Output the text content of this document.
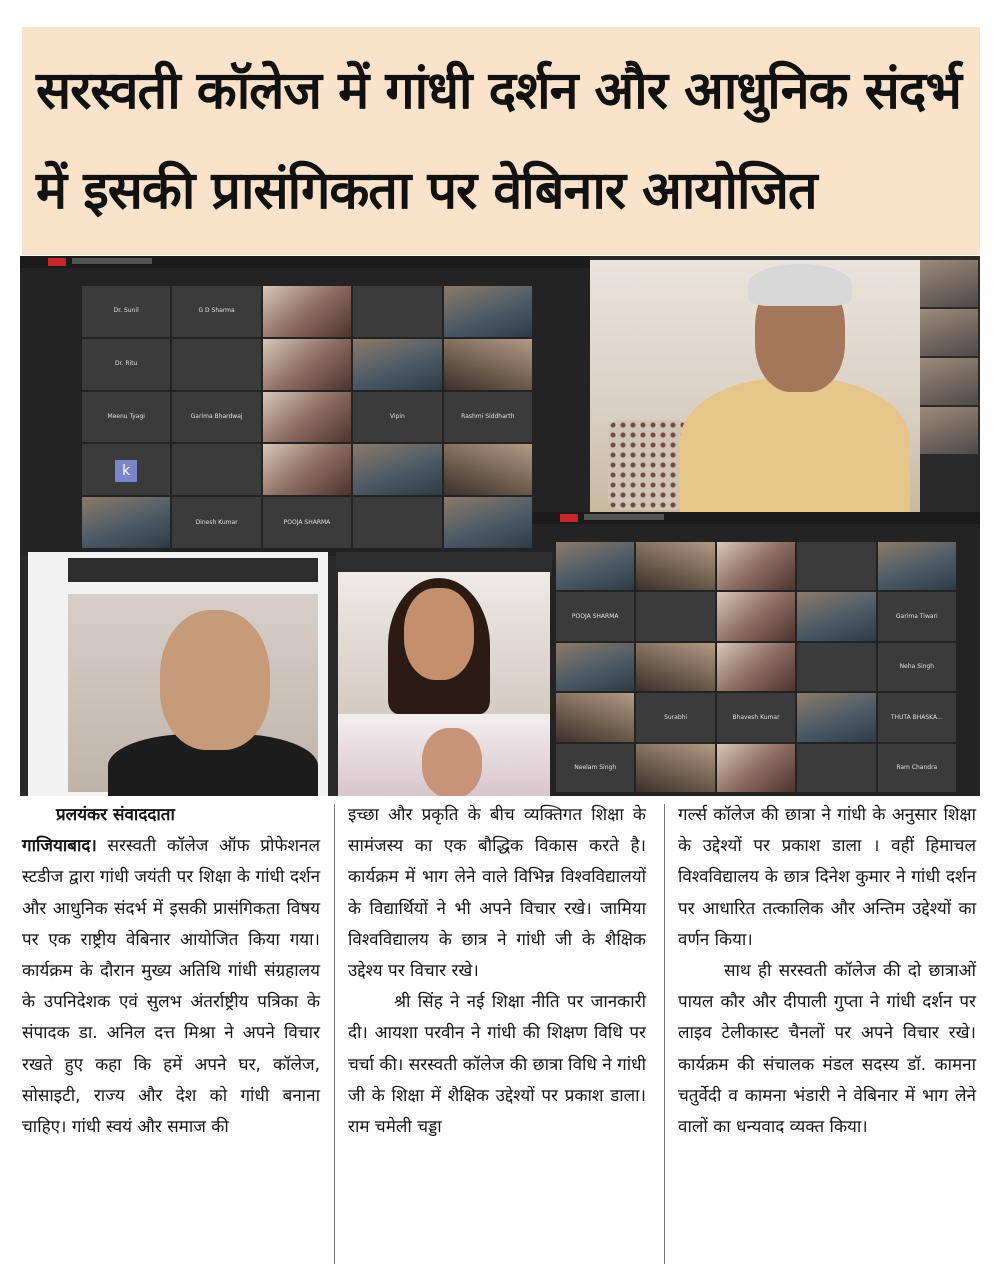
सरस्वती कॉलेज में गांधी दर्शन और आधुनिक संदर्भ
में इसकी प्रासंगिकता पर वेबिनार आयोजित
Dr. Sunil	G D Sharma
Dr. Ritu
Meenu Tyagi	Garima Bhardwaj	Vipin	Rashmi Siddharth
k
Dinesh Kumar	POOJA SHARMA
POOJA SHARMA	Garima Tiwari
Neha Singh
Surabhi	Bhavesh Kumar	THUTA BHASKA...
Neelam Singh	Ram Chandra

प्रलयंकर संवाददाता

गाजियाबाद। सरस्वती कॉलेज ऑफ प्रोफेशनल स्टडीज द्वारा गांधी जयंती पर शिक्षा के गांधी दर्शन और आधुनिक संदर्भ में इसकी प्रासंगिकता विषय पर एक राष्ट्रीय वेबिनार आयोजित किया गया। कार्यक्रम के दौरान मुख्य अतिथि गांधी संग्रहालय के उपनिदेशक एवं सुलभ अंतर्राष्ट्रीय पत्रिका के संपादक डा. अनिल दत्त मिश्रा ने अपने विचार रखते हुए कहा कि हमें अपने घर, कॉलेज, सोसाइटी, राज्य और देश को गांधी बनाना चाहिए। गांधी स्वयं और समाज की

इच्छा और प्रकृति के बीच व्यक्तिगत शिक्षा के सामंजस्य का एक बौद्धिक विकास करते है। कार्यक्रम में भाग लेने वाले विभिन्न विश्वविद्यालयों के विद्यार्थियों ने भी अपने विचार रखे। जामिया विश्वविद्यालय के छात्र ने गांधी जी के शैक्षिक उद्देश्य पर विचार रखे।

श्री सिंह ने नई शिक्षा नीति पर जानकारी दी। आयशा परवीन ने गांधी की शिक्षण विधि पर चर्चा की। सरस्वती कॉलेज की छात्रा विधि ने गांधी जी के शिक्षा में शैक्षिक उद्देश्यों पर प्रकाश डाला। राम चमेली चड्डा

गर्ल्स कॉलेज की छात्रा ने गांधी के अनुसार शिक्षा के उद्देश्यों पर प्रकाश डाला । वहीं हिमाचल विश्वविद्यालय के छात्र दिनेश कुमार ने गांधी दर्शन पर आधारित तत्कालिक और अन्तिम उद्देश्यों का वर्णन किया।

साथ ही सरस्वती कॉलेज की दो छात्राओं पायल कौर और दीपाली गुप्ता ने गांधी दर्शन पर लाइव टेलीकास्ट चैनलों पर अपने विचार रखे। कार्यक्रम की संचालक मंडल सदस्य डॉ. कामना चतुर्वेदी व कामना भंडारी ने वेबिनार में भाग लेने वालों का धन्यवाद व्यक्त किया।
